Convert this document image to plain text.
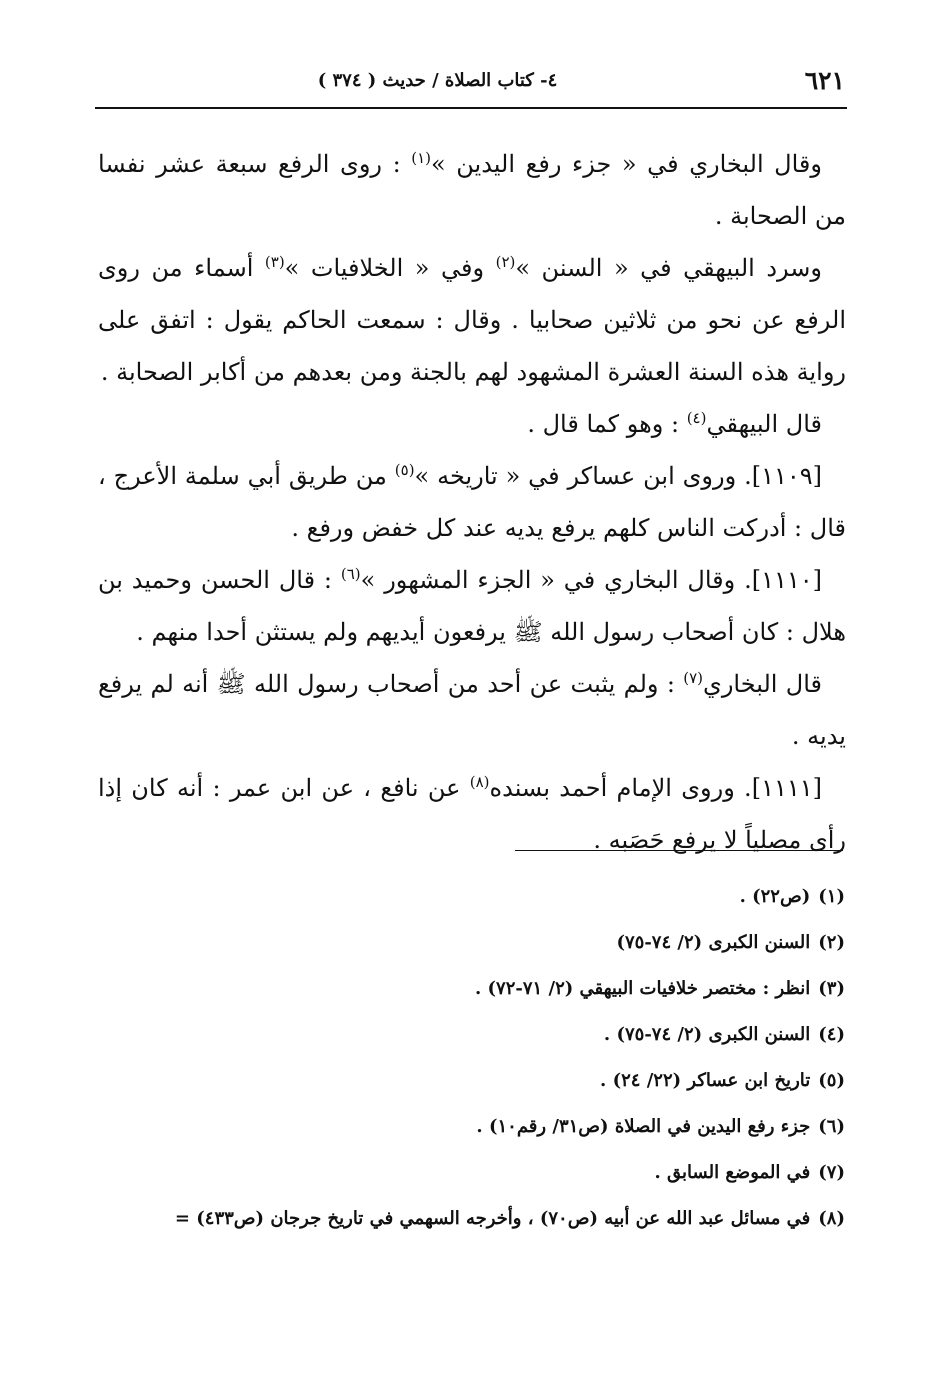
٦٢١
٤- كتاب الصلاة / حديث ( ٣٧٤ )

وقال البخاري في « جزء رفع اليدين »$^{(١)}$ : روى الرفع سبعة عشر نفسا من الصحابة .

وسرد البيهقي في « السنن »$^{(٢)}$ وفي « الخلافيات »$^{(٣)}$ أسماء من روى الرفع عن نحو من ثلاثين صحابيا . وقال : سمعت الحاكم يقول : اتفق على رواية هذه السنة العشرة المشهود لهم بالجنة ومن بعدهم من أكابر الصحابة .

قال البيهقي$^{(٤)}$ : وهو كما قال .

[١١٠٩]. وروى ابن عساكر في « تاريخه »$^{(٥)}$ من طريق أبي سلمة الأعرج ، قال : أدركت الناس كلهم يرفع يديه عند كل خفض ورفع .

[١١١٠]. وقال البخاري في « الجزء المشهور »$^{(٦)}$ : قال الحسن وحميد بن هلال : كان أصحاب رسول الله ﷺ يرفعون أيديهم ولم يستثن أحدا منهم .

قال البخاري$^{(٧)}$ : ولم يثبت عن أحد من أصحاب رسول الله ﷺ أنه لم يرفع يديه .

[١١١١]. وروى الإمام أحمد بسنده$^{(٨)}$ عن نافع ، عن ابن عمر : أنه كان إذا رأى مصلياً لا يرفع حَصَبه .

(١)
(ص٢٢) .
(٢)
السنن الكبرى (٢/ ٧٤-٧٥)
(٣)
انظر : مختصر خلافيات البيهقي (٢/ ٧١-٧٢) .
(٤)
السنن الكبرى (٢/ ٧٤-٧٥) .
(٥)
تاريخ ابن عساكر (٢٢/ ٢٤) .
(٦)
جزء رفع اليدين في الصلاة (ص٣١/ رقم١٠) .
(٧)
في الموضع السابق .
(٨)
في مسائل عبد الله عن أبيه (ص٧٠) ، وأخرجه السهمي في تاريخ جرجان (ص٤٣٣) =
